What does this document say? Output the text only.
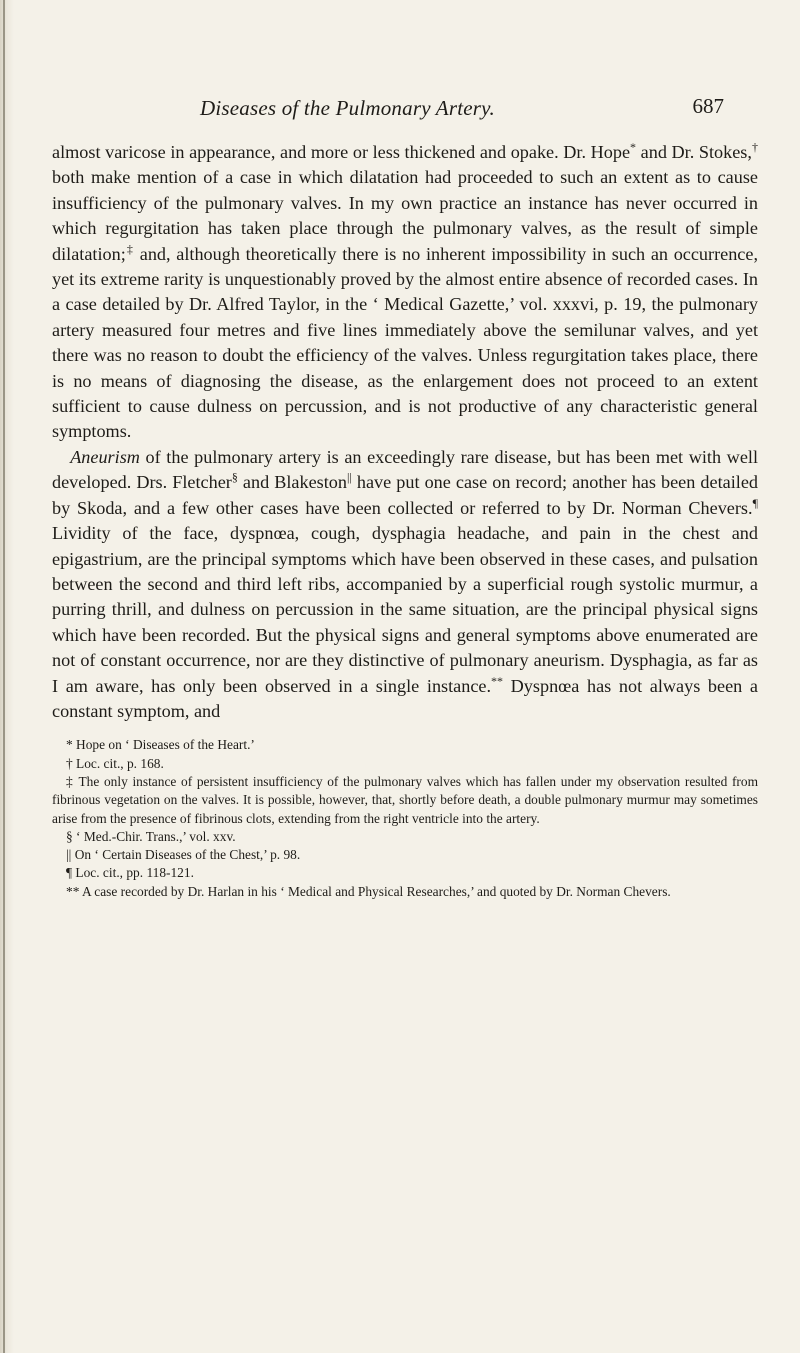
Diseases of the Pulmonary Artery.	687

almost varicose in appearance, and more or less thickened and opake. Dr. Hope* and Dr. Stokes,† both make mention of a case in which dilatation had proceeded to such an extent as to cause insufficiency of the pulmonary valves. In my own practice an instance has never occurred in which regurgitation has taken place through the pulmonary valves, as the result of simple dilatation;‡ and, although theoretically there is no inherent impossibility in such an occurrence, yet its extreme rarity is unquestionably proved by the almost entire absence of recorded cases. In a case detailed by Dr. Alfred Taylor, in the ‘ Medical Gazette,’ vol. xxxvi, p. 19, the pulmonary artery measured four metres and five lines immediately above the semilunar valves, and yet there was no reason to doubt the efficiency of the valves. Unless regurgitation takes place, there is no means of diagnosing the disease, as the enlargement does not proceed to an extent sufficient to cause dulness on percussion, and is not productive of any characteristic general symptoms.

 Aneurism of the pulmonary artery is an exceedingly rare disease, but has been met with well developed. Drs. Fletcher§ and Blakeston|| have put one case on record; another has been detailed by Skoda, and a few other cases have been collected or referred to by Dr. Norman Chevers.¶ Lividity of the face, dyspnœa, cough, dysphagia headache, and pain in the chest and epigastrium, are the principal symptoms which have been observed in these cases, and pulsation between the second and third left ribs, accompanied by a superficial rough systolic murmur, a purring thrill, and dulness on percussion in the same situation, are the principal physical signs which have been recorded. But the physical signs and general symptoms above enumerated are not of constant occurrence, nor are they distinctive of pulmonary aneurism. Dysphagia, as far as I am aware, has only been observed in a single instance.** Dyspnœa has not always been a constant symptom, and

* Hope on ‘ Diseases of the Heart.’

† Loc. cit., p. 168.

‡ The only instance of persistent insufficiency of the pulmonary valves which has fallen under my observation resulted from fibrinous vegetation on the valves. It is possible, however, that, shortly before death, a double pulmonary murmur may sometimes arise from the presence of fibrinous clots, extending from the right ventricle into the artery.

§ ‘ Med.-Chir. Trans.,’ vol. xxv.

|| On ‘ Certain Diseases of the Chest,’ p. 98.

¶ Loc. cit., pp. 118-121.

** A case recorded by Dr. Harlan in his ‘ Medical and Physical Researches,’ and quoted by Dr. Norman Chevers.
